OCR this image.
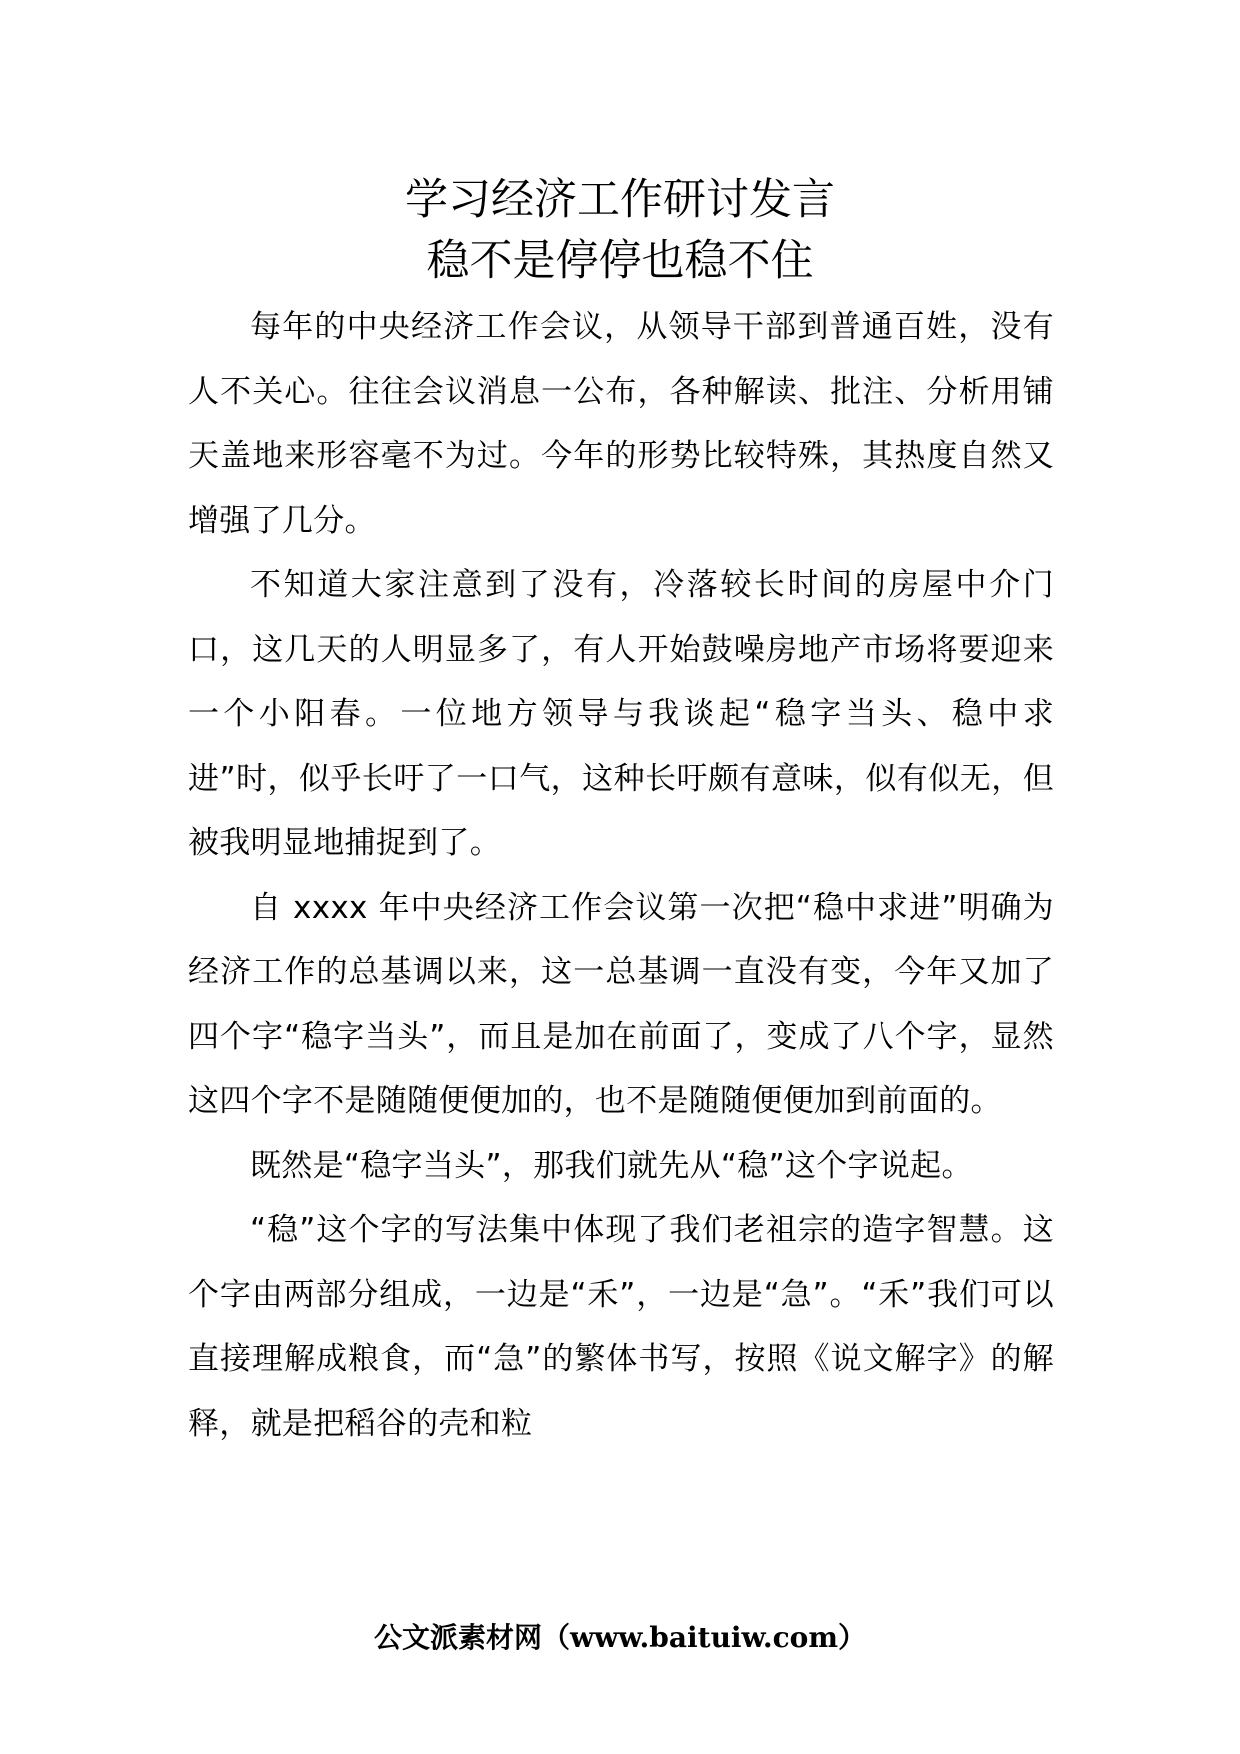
学习经济工作研讨发言
稳不是停停也稳不住

每年的中央经济工作会议，从领导干部到普通百姓，没有人不关心。往往会议消息一公布，各种解读、批注、分析用铺天盖地来形容毫不为过。今年的形势比较特殊，其热度自然又增强了几分。

不知道大家注意到了没有，冷落较长时间的房屋中介门口，这几天的人明显多了，有人开始鼓噪房地产市场将要迎来一个小阳春。一位地方领导与我谈起“稳字当头、稳中求进”时，似乎长吁了一口气，这种长吁颇有意味，似有似无，但被我明显地捕捉到了。

自 xxxx 年中央经济工作会议第一次把“稳中求进”明确为经济工作的总基调以来，这一总基调一直没有变，今年又加了四个字“稳字当头”，而且是加在前面了，变成了八个字，显然这四个字不是随随便便加的，也不是随随便便加到前面的。

既然是“稳字当头”，那我们就先从“稳”这个字说起。

“稳”这个字的写法集中体现了我们老祖宗的造字智慧。这个字由两部分组成，一边是“禾”，一边是“急”。“禾”我们可以直接理解成粮食，而“急”的繁体书写，按照《说文解字》的解释，就是把稻谷的壳和粒

公文派素材网（www.baituiw.com）
